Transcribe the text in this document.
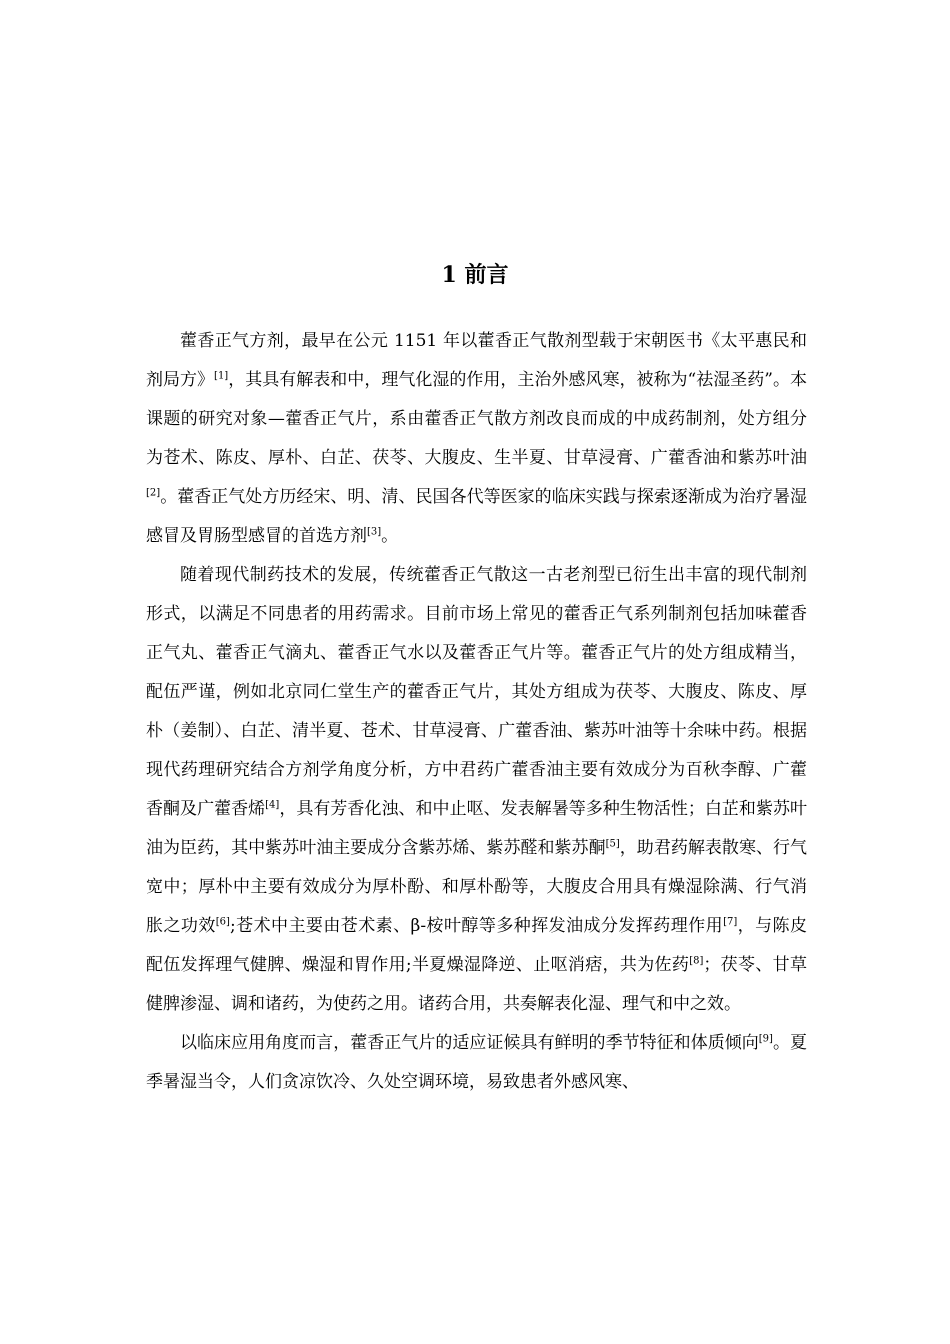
1 前言

藿香正气方剂，最早在公元 1151 年以藿香正气散剂型载于宋朝医书《太平惠民和剂局方》[1]，其具有解表和中，理气化湿的作用，主治外感风寒，被称为“祛湿圣药”。本课题的研究对象—藿香正气片，系由藿香正气散方剂改良而成的中成药制剂，处方组分为苍术、陈皮、厚朴、白芷、茯苓、大腹皮、生半夏、甘草浸膏、广藿香油和紫苏叶油[2]。藿香正气处方历经宋、明、清、民国各代等医家的临床实践与探索逐渐成为治疗暑湿感冒及胃肠型感冒的首选方剂[3]。

随着现代制药技术的发展，传统藿香正气散这一古老剂型已衍生出丰富的现代制剂形式，以满足不同患者的用药需求。目前市场上常见的藿香正气系列制剂包括加味藿香正气丸、藿香正气滴丸、藿香正气水以及藿香正气片等。藿香正气片的处方组成精当，配伍严谨，例如北京同仁堂生产的藿香正气片，其处方组成为茯苓、大腹皮、陈皮、厚朴（姜制）、白芷、清半夏、苍术、甘草浸膏、广藿香油、紫苏叶油等十余味中药。根据现代药理研究结合方剂学角度分析，方中君药广藿香油主要有效成分为百秋李醇、广藿香酮及广藿香烯[4]，具有芳香化浊、和中止呕、发表解暑等多种生物活性；白芷和紫苏叶油为臣药，其中紫苏叶油主要成分含紫苏烯、紫苏醛和紫苏酮[5]，助君药解表散寒、行气宽中；厚朴中主要有效成分为厚朴酚、和厚朴酚等，大腹皮合用具有燥湿除满、行气消胀之功效[6];苍术中主要由苍术素、β-桉叶醇等多种挥发油成分发挥药理作用[7]，与陈皮配伍发挥理气健脾、燥湿和胃作用;半夏燥湿降逆、止呕消痞，共为佐药[8]；茯苓、甘草健脾渗湿、调和诸药，为使药之用。诸药合用，共奏解表化湿、理气和中之效。

以临床应用角度而言，藿香正气片的适应证候具有鲜明的季节特征和体质倾向[9]。夏季暑湿当令，人们贪凉饮冷、久处空调环境，易致患者外感风寒、
